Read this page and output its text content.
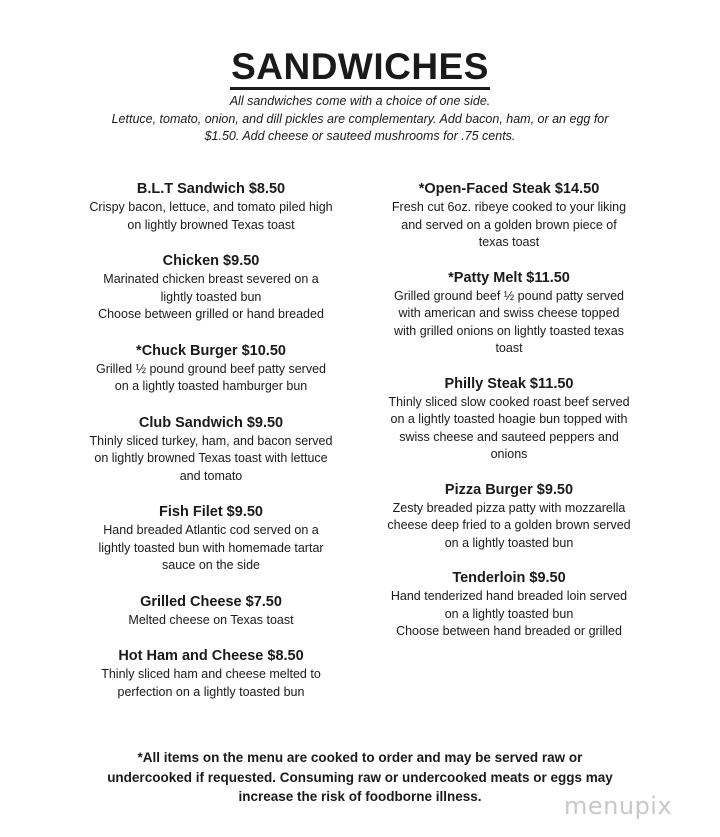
SANDWICHES
All sandwiches come with a choice of one side.
Lettuce, tomato, onion, and dill pickles are complementary. Add bacon, ham, or an egg for
$1.50. Add cheese or sauteed mushrooms for .75 cents.
B.L.T Sandwich $8.50

Crispy bacon, lettuce, and tomato piled high

on lightly browned Texas toast

Chicken $9.50

Marinated chicken breast severed on a

lightly toasted bun

Choose between grilled or hand breaded

*Chuck Burger $10.50

Grilled ½ pound ground beef patty served

on a lightly toasted hamburger bun

Club Sandwich $9.50

Thinly sliced turkey, ham, and bacon served

on lightly browned Texas toast with lettuce

and tomato

Fish Filet $9.50

Hand breaded Atlantic cod served on a

lightly toasted bun with homemade tartar

sauce on the side

Grilled Cheese $7.50

Melted cheese on Texas toast

Hot Ham and Cheese $8.50

Thinly sliced ham and cheese melted to

perfection on a lightly toasted bun

*Open-Faced Steak $14.50

Fresh cut 6oz. ribeye cooked to your liking

and served on a golden brown piece of

texas toast

*Patty Melt $11.50

Grilled ground beef ½ pound patty served

with american and swiss cheese topped

with grilled onions on lightly toasted texas

toast

Philly Steak $11.50

Thinly sliced slow cooked roast beef served

on a lightly toasted hoagie bun topped with

swiss cheese and sauteed peppers and

onions

Pizza Burger $9.50

Zesty breaded pizza patty with mozzarella

cheese deep fried to a golden brown served

on a lightly toasted bun

Tenderloin $9.50

Hand tenderized hand breaded loin served

on a lightly toasted bun

Choose between hand breaded or grilled

*All items on the menu are cooked to order and may be served raw or
undercooked if requested. Consuming raw or undercooked meats or eggs may
increase the risk of foodborne illness.	menupix
